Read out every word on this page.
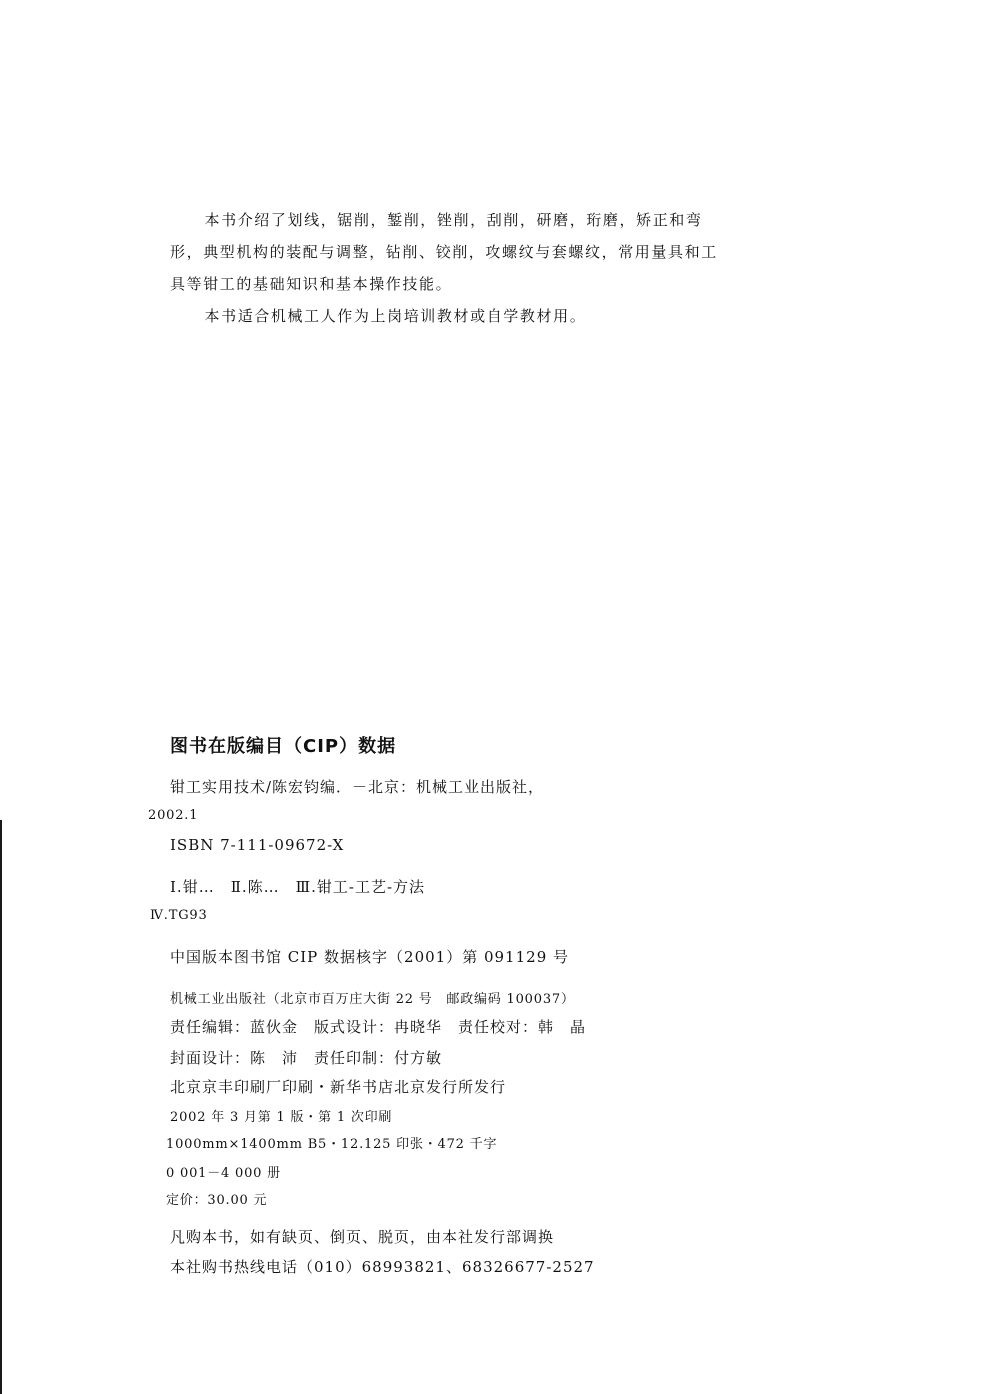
本书介绍了划线，锯削，錾削，锉削，刮削，研磨，珩磨，矫正和弯形，典型机构的装配与调整，钻削、铰削，攻螺纹与套螺纹，常用量具和工具等钳工的基础知识和基本操作技能。

本书适合机械工人作为上岗培训教材或自学教材用。

图书在版编目（CIP）数据

钳工实用技术/陈宏钧编．－北京：机械工业出版社，

2002.1

ISBN 7-111-09672-X

Ⅰ.钳…　Ⅱ.陈…　Ⅲ.钳工-工艺-方法

Ⅳ.TG93

中国版本图书馆 CIP 数据核字（2001）第 091129 号

机械工业出版社（北京市百万庄大街 22 号　邮政编码 100037）

责任编辑：蓝伙金　版式设计：冉晓华　责任校对：韩　晶

封面设计：陈　沛　责任印制：付方敏

北京京丰印刷厂印刷・新华书店北京发行所发行

2002 年 3 月第 1 版・第 1 次印刷

1000mm×1400mm B5・12.125 印张・472 千字

0 001－4 000 册

定价：30.00 元

凡购本书，如有缺页、倒页、脱页，由本社发行部调换

本社购书热线电话（010）68993821、68326677-2527
